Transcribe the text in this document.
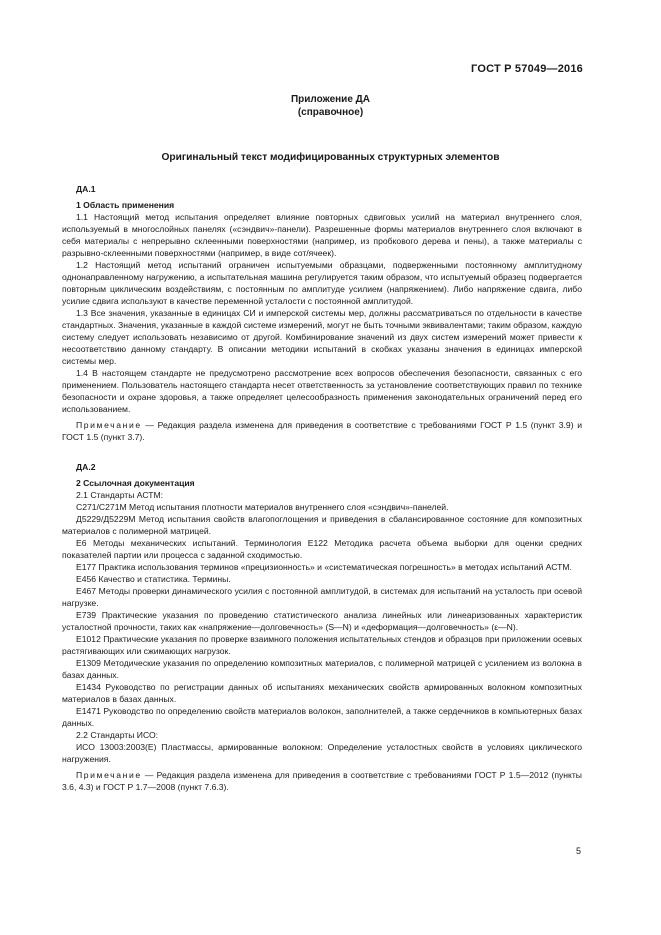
ГОСТ Р 57049—2016
Приложение ДА
(справочное)
Оригинальный текст модифицированных структурных элементов

ДА.1

1 Область применения

1.1 Настоящий метод испытания определяет влияние повторных сдвиговых усилий на материал внутреннего слоя, используемый в многослойных панелях («сэндвич»-панели). Разрешенные формы материалов внутреннего слоя включают в себя материалы с непрерывно склеенными поверхностями (например, из пробкового дерева и пены), а также материалы с разрывно-склеенными поверхностями (например, в виде сот/ячеек).

1.2 Настоящий метод испытаний ограничен испытуемыми образцами, подверженными постоянному амплитудному однонаправленному нагружению, а испытательная машина регулируется таким образом, что испытуемый образец подвергается повторным циклическим воздействиям, с постоянным по амплитуде усилием (напряжением). Либо напряжение сдвига, либо усилие сдвига используют в качестве переменной усталости с постоянной амплитудой.

1.3 Все значения, указанные в единицах СИ и имперской системы мер, должны рассматриваться по отдельности в качестве стандартных. Значения, указанные в каждой системе измерений, могут не быть точными эквивалентами; таким образом, каждую систему следует использовать независимо от другой. Комбинирование значений из двух систем измерений может привести к несоответствию данному стандарту. В описании методики испытаний в скобках указаны значения в единицах имперской системы мер.

1.4 В настоящем стандарте не предусмотрено рассмотрение всех вопросов обеспечения безопасности, связанных с его применением. Пользователь настоящего стандарта несет ответственность за установление соответствующих правил по технике безопасности и охране здоровья, а также определяет целесообразность применения законодательных ограничений перед его использованием.

Примечание — Редакция раздела изменена для приведения в соответствие с требованиями ГОСТ Р 1.5 (пункт 3.9) и ГОСТ 1.5 (пункт 3.7).

ДА.2

2 Ссылочная документация

2.1 Стандарты АСТМ:

C271/C271M Метод испытания плотности материалов внутреннего слоя «сэндвич»-панелей.

Д5229/Д5229М Метод испытания свойств влагопоглощения и приведения в сбалансированное состояние для композитных материалов с полимерной матрицей.

E6 Методы механических испытаний. Терминология E122 Методика расчета объема выборки для оценки средних показателей партии или процесса с заданной сходимостью.

E177 Практика использования терминов «прецизионность» и «систематическая погрешность» в методах испытаний АСТМ.

E456 Качество и статистика. Термины.

E467 Методы проверки динамического усилия с постоянной амплитудой, в системах для испытаний на усталость при осевой нагрузке.

E739 Практические указания по проведению статистического анализа линейных или линеаризованных характеристик усталостной прочности, таких как «напряжение—долговечность» (S—N) и «деформация—долговечность» (ε—N).

E1012 Практические указания по проверке взаимного положения испытательных стендов и образцов при приложении осевых растягивающих или сжимающих нагрузок.

E1309 Методические указания по определению композитных материалов, с полимерной матрицей с усилением из волокна в базах данных.

E1434 Руководство по регистрации данных об испытаниях механических свойств армированных волокном композитных материалов в базах данных.

E1471 Руководство по определению свойств материалов волокон, заполнителей, а также сердечников в компьютерных базах данных.

2.2 Стандарты ИСО:

ИСО 13003:2003(E) Пластмассы, армированные волокном: Определение усталостных свойств в условиях циклического нагружения.

Примечание — Редакция раздела изменена для приведения в соответствие с требованиями ГОСТ Р 1.5—2012 (пункты 3.6, 4.3) и ГОСТ Р 1.7—2008 (пункт 7.6.3).

5
